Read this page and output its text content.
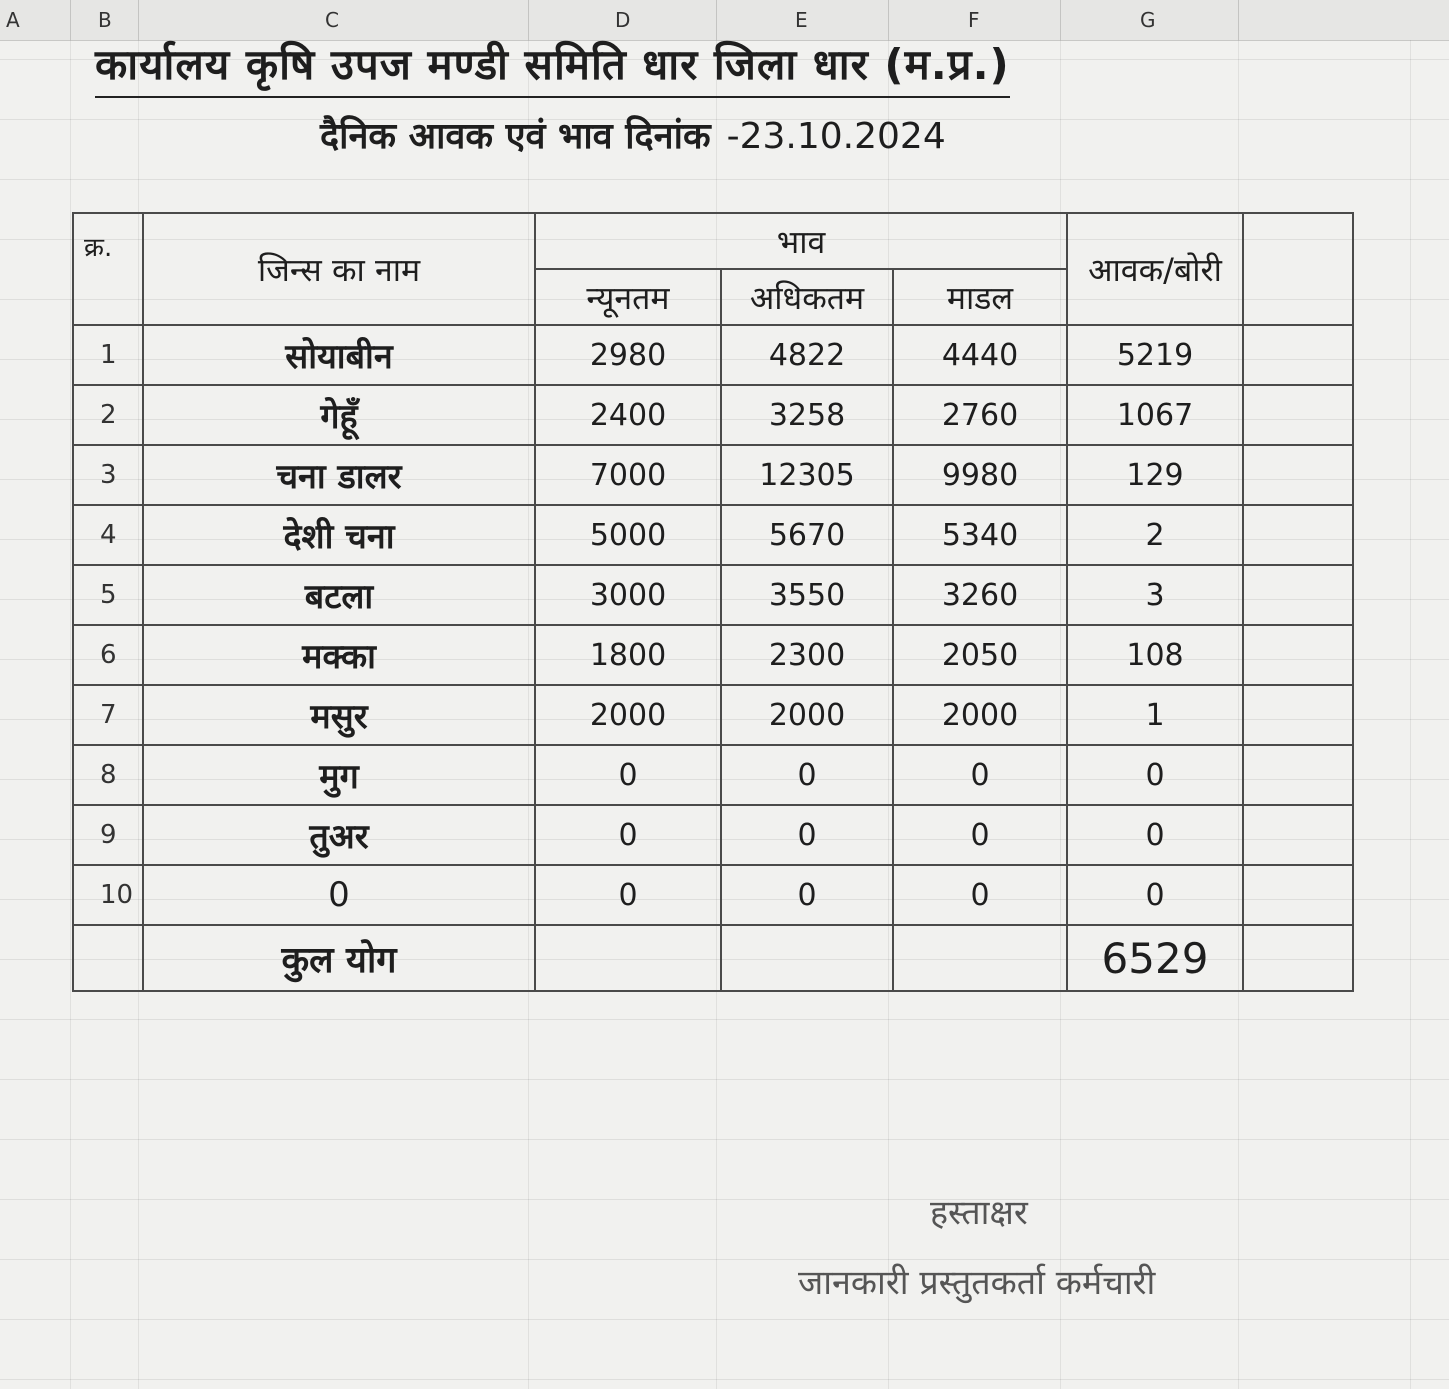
A	B	C	D	E	F	G
कार्यालय कृषि उपज मण्डी समिति धार जिला धार (म.प्र.)
दैनिक आवक एवं भाव दिनांक -23.10.2024
क्र.	जिन्स का नाम	भाव			आवक/बोरी	
		न्यूनतम	अधिकतम	माडल		
1	सोयाबीन	2980	4822	4440	5219	
2	गेहूँ	2400	3258	2760	1067	
3	चना डालर	7000	12305	9980	129	
4	देशी चना	5000	5670	5340	2	
5	बटला	3000	3550	3260	3	
6	मक्का	1800	2300	2050	108	
7	मसुर	2000	2000	2000	1	
8	मुग	0	0	0	0	
9	तुअर	0	0	0	0	
10	0	0	0	0	0	
	कुल योग				6529	
हस्ताक्षर
जानकारी प्रस्तुतकर्ता कर्मचारी
